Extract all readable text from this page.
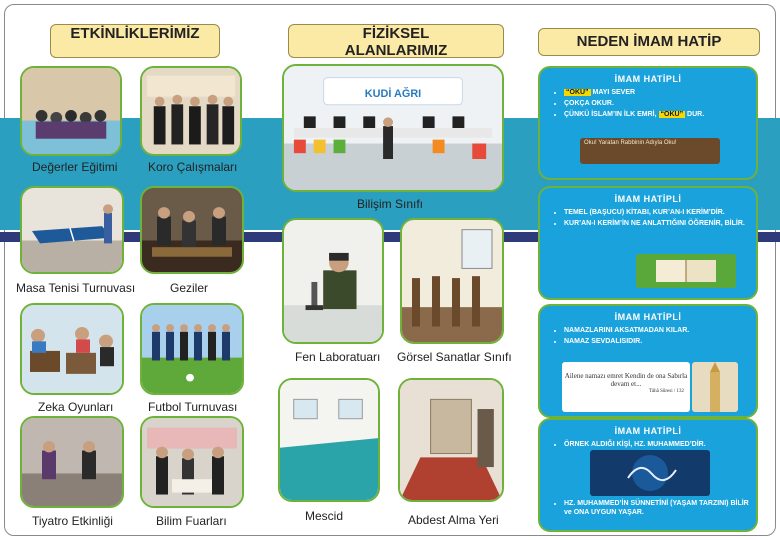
ETKİNLİKLERİMİZ	FİZİKSEL ALANLARIMIZ
NEDEN İMAM HATİP
Değerler Eğitimi	Koro Çalışmaları
Masa Tenisi Turnuvası	Geziler
Zeka Oyunları	Futbol Turnuvası
Tiyatro Etkinliği	Bilim Fuarları
KUDİ AĞRI
Bilişim Sınıfı
Fen Laboratuarı Görsel Sanatlar Sınıfı
Mescid	Abdest Alma Yeri
İMAM HATİPLİ
• “OKU” MAYI SEVER
• ÇOKÇA OKUR.
• ÇÜNKÜ İSLAM’IN İLK EMRİ, “OKU” DUR.
Oku! Yaratan Rabbinin Adıyla Oku!
İMAM HATİPLİ
• TEMEL (BAŞUCU) KİTABI, KUR’AN-I KERİM’DİR.
• KUR’AN-I KERİM’İN NE ANLATTIĞINI ÖĞRENİR, BİLİR.
İMAM HATİPLİ
• NAMAZLARINI AKSATMADAN KILAR.
• NAMAZ SEVDALISIDIR.
Ailene namazı emret Kendin de ona Sabırla devam et...
Tâhâ Sûresi / 132
İMAM HATİPLİ
• ÖRNEK ALDIĞI KİŞİ, HZ. MUHAMMED’DİR.
• HZ. MUHAMMED’İN SÜNNETİNİ (YAŞAM TARZINI) BİLİR ve ONA UYGUN YAŞAR.
